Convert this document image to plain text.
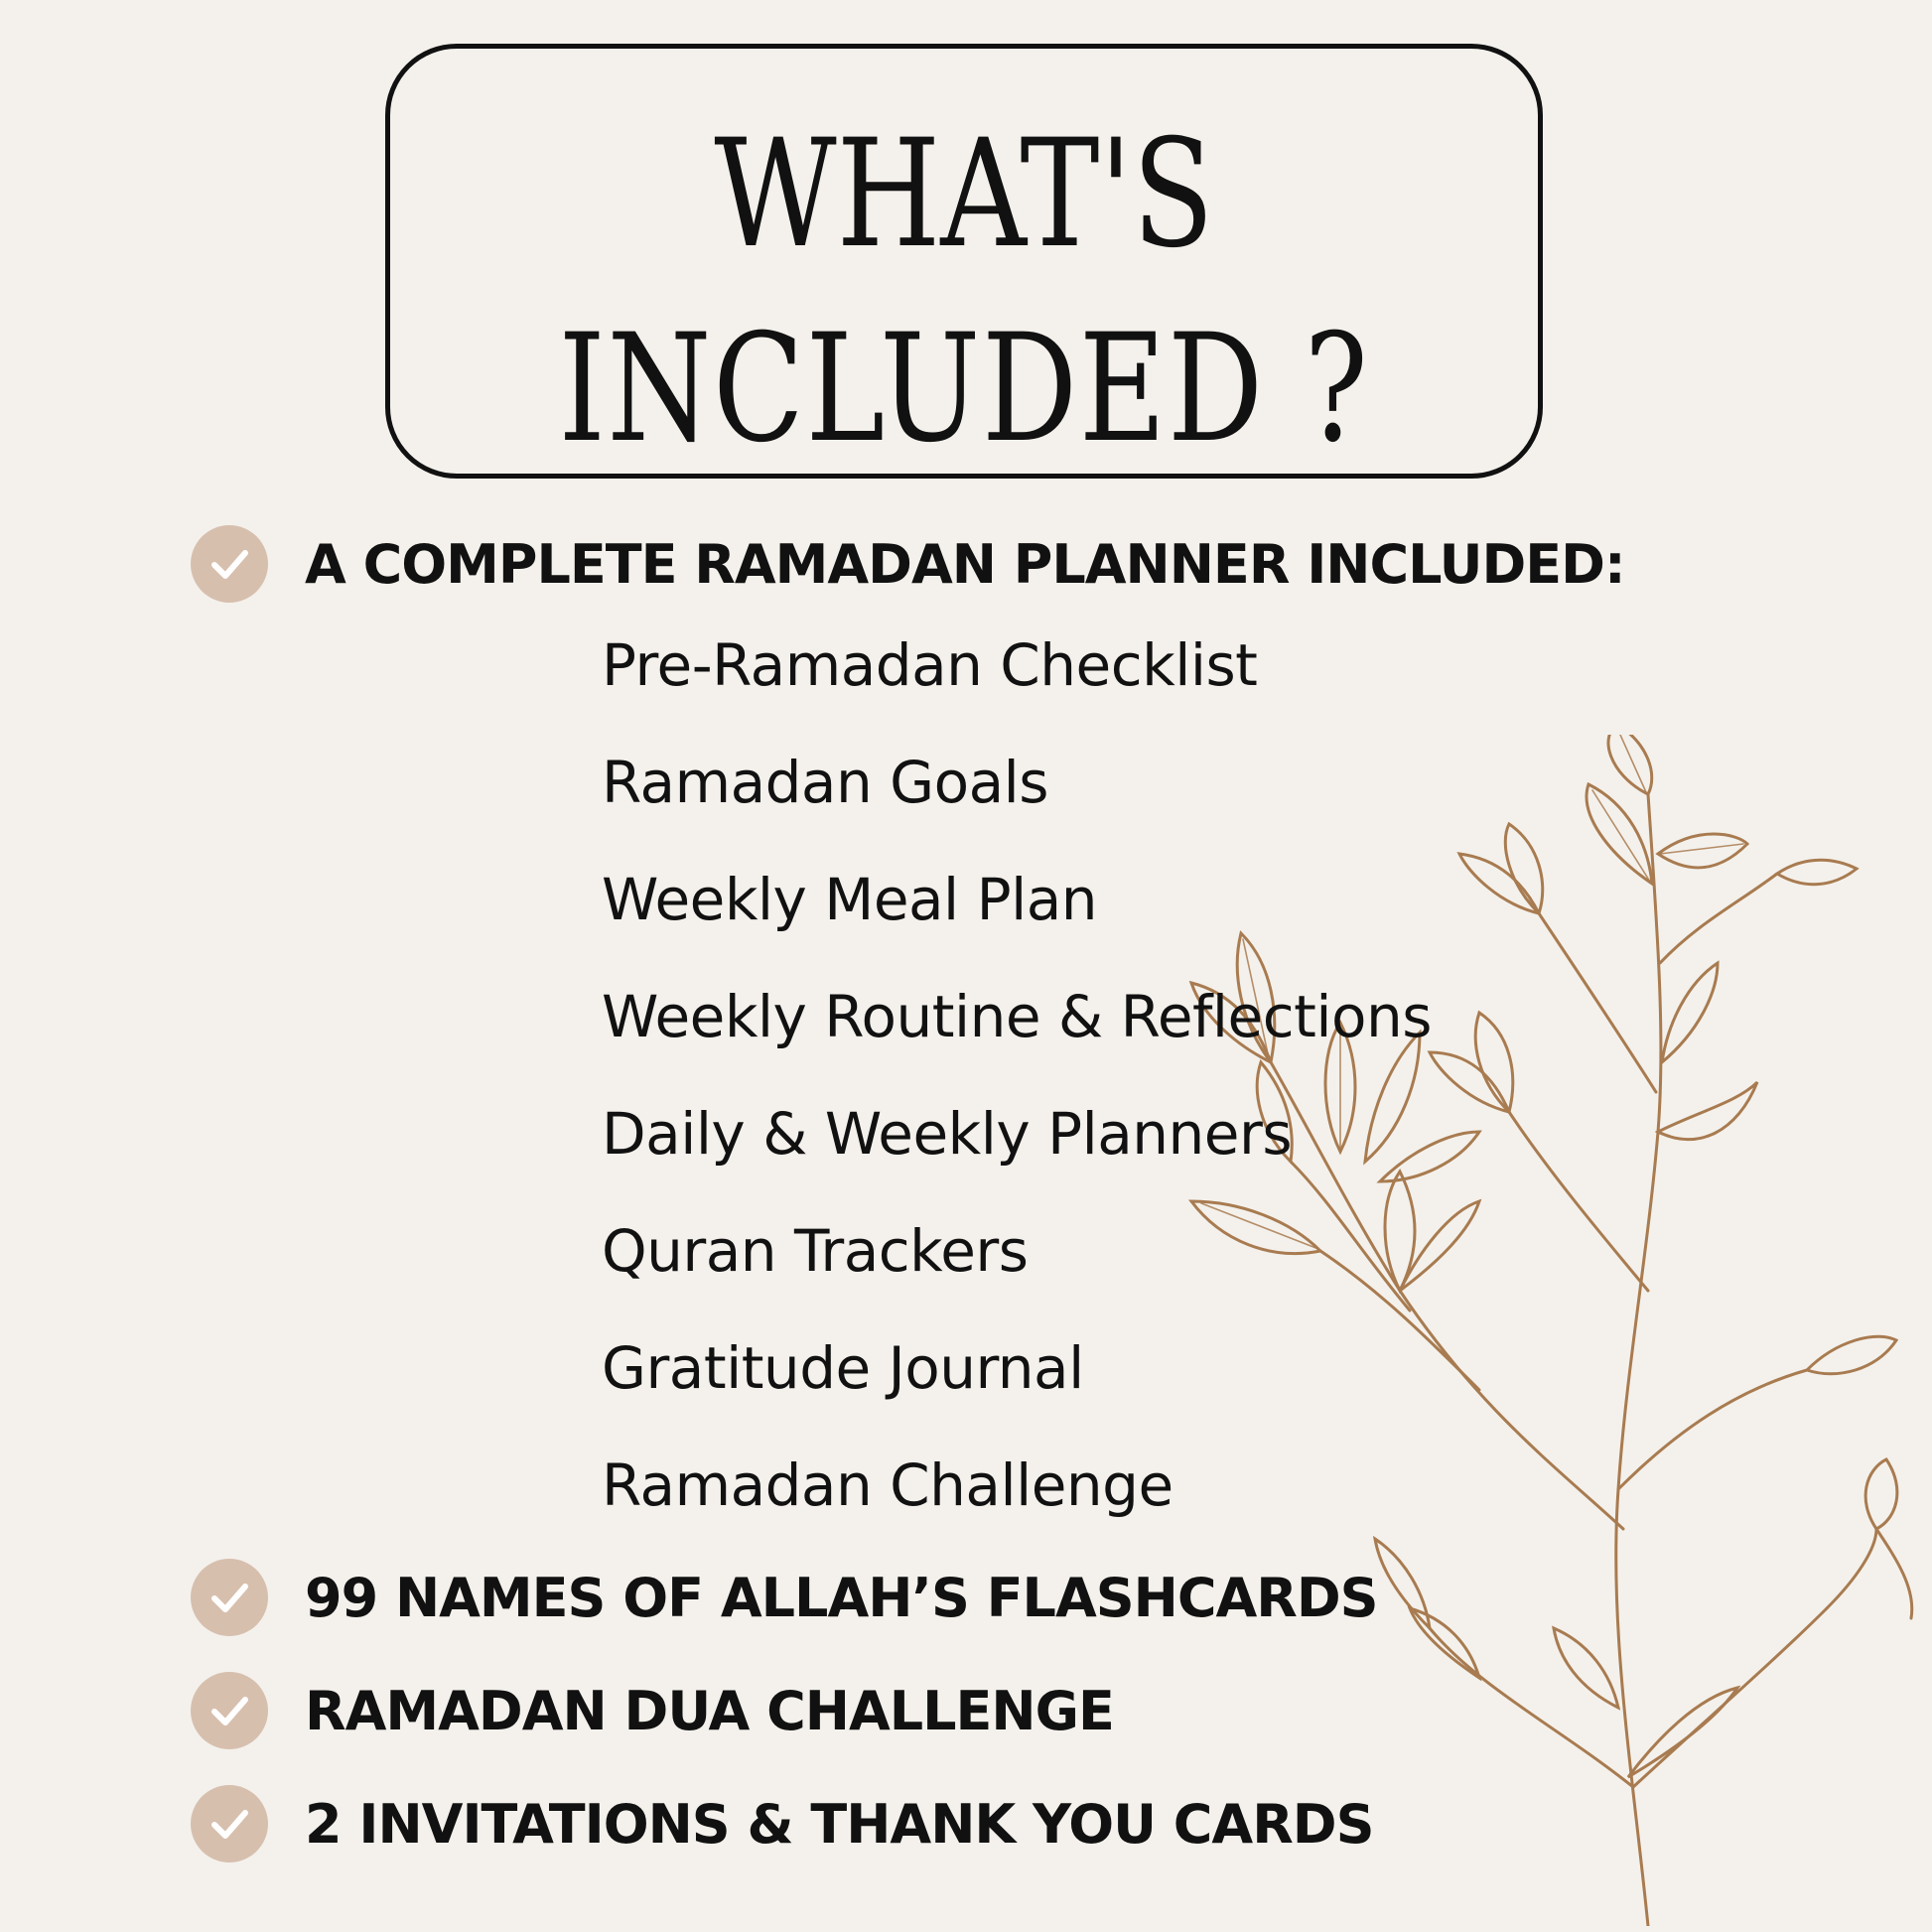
WHAT'S
INCLUDED ?
A COMPLETE RAMADAN PLANNER INCLUDED:
Pre-Ramadan Checklist
Ramadan Goals
Weekly Meal Plan
Weekly Routine & Reflections
Daily & Weekly Planners
Quran Trackers
Gratitude Journal
Ramadan Challenge
99 NAMES OF ALLAH’S FLASHCARDS
RAMADAN DUA CHALLENGE
2 INVITATIONS & THANK YOU CARDS
